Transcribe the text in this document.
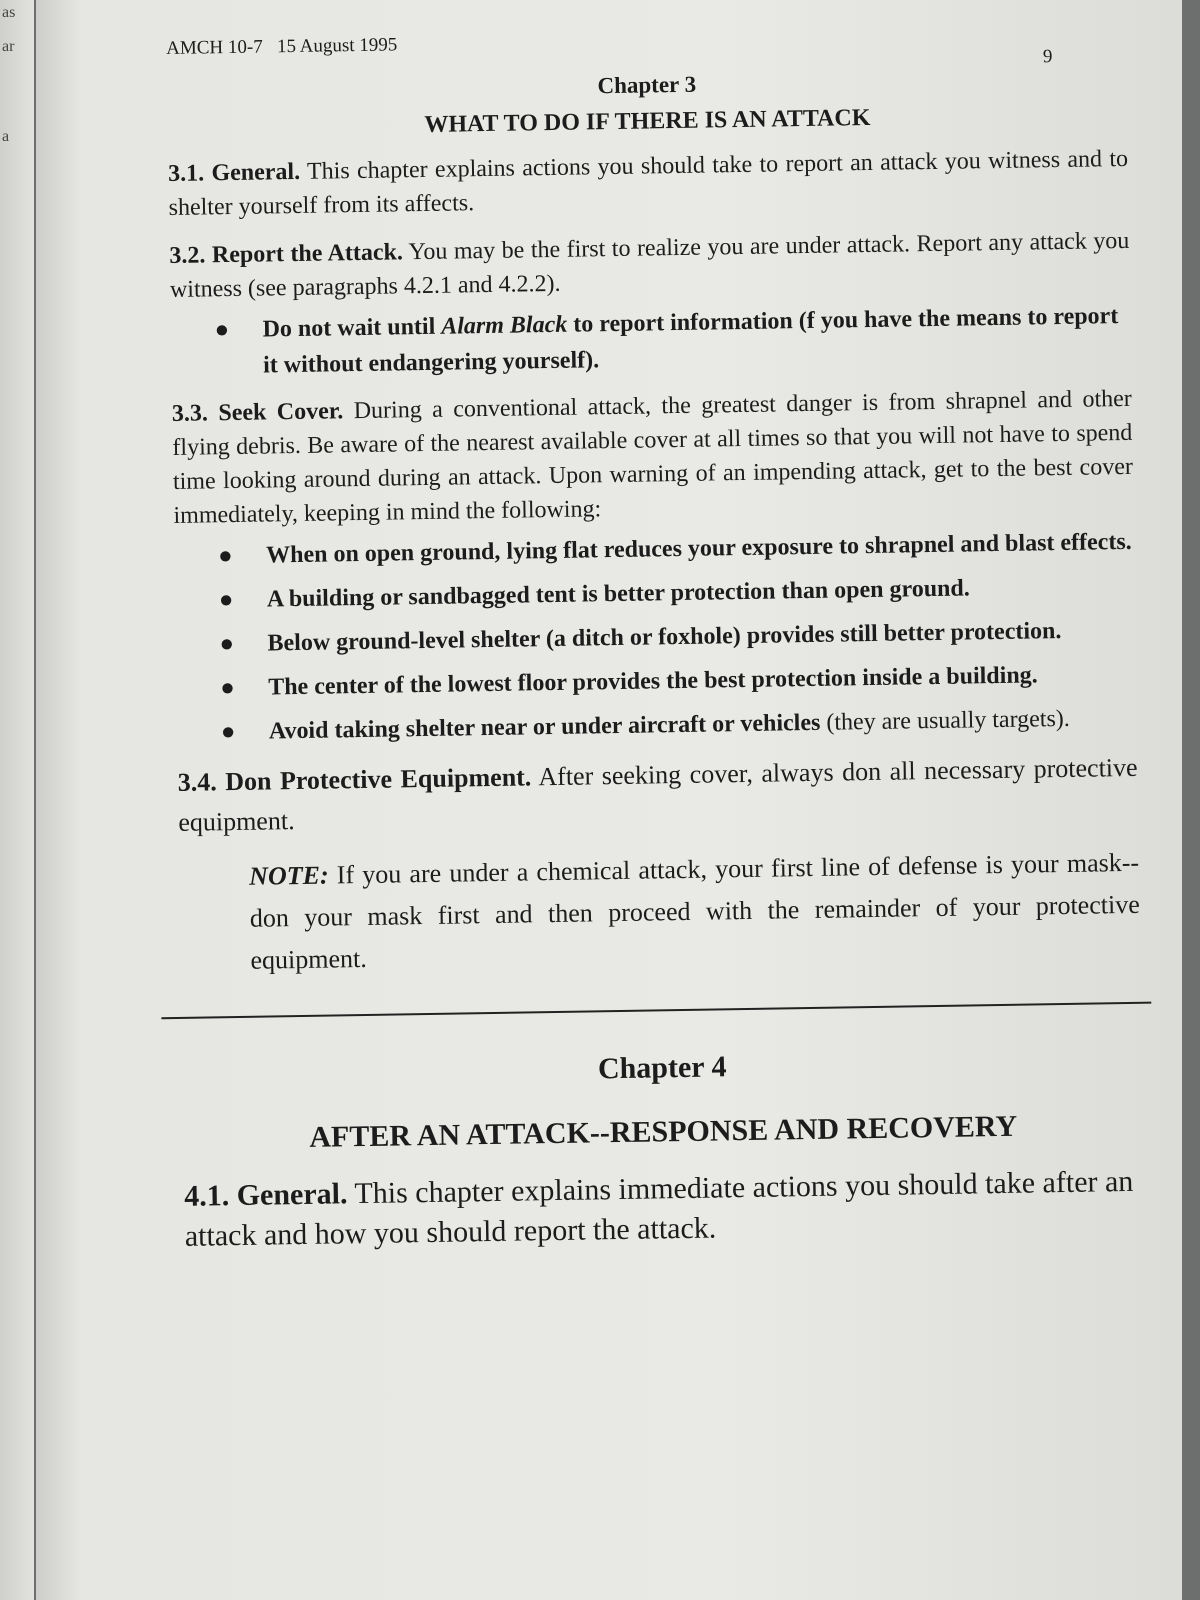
as
ar
a
AMCH 10-7   15 August 1995	9

Chapter 3

WHAT TO DO IF THERE IS AN ATTACK

3.1. General. This chapter explains actions you should take to report an attack you witness and to shelter yourself from its affects.

3.2. Report the Attack. You may be the first to realize you are under attack. Report any attack you witness (see paragraphs 4.2.1 and 4.2.2).

● Do not wait until Alarm Black to report information (f you have the means to report it without endangering yourself).

3.3. Seek Cover. During a conventional attack, the greatest danger is from shrapnel and other flying debris. Be aware of the nearest available cover at all times so that you will not have to spend time looking around during an attack. Upon warning of an impending attack, get to the best cover immediately, keeping in mind the following:

● When on open ground, lying flat reduces your exposure to shrapnel and blast effects.
● A building or sandbagged tent is better protection than open ground.
● Below ground-level shelter (a ditch or foxhole) provides still better protection.
● The center of the lowest floor provides the best protection inside a building.
● Avoid taking shelter near or under aircraft or vehicles (they are usually targets).

3.4. Don Protective Equipment. After seeking cover, always don all necessary protective equipment.

NOTE: If you are under a chemical attack, your first line of defense is your mask--don your mask first and then proceed with the remainder of your protective equipment.

Chapter 4

AFTER AN ATTACK--RESPONSE AND RECOVERY

4.1. General. This chapter explains immediate actions you should take after an attack and how you should report the attack.
